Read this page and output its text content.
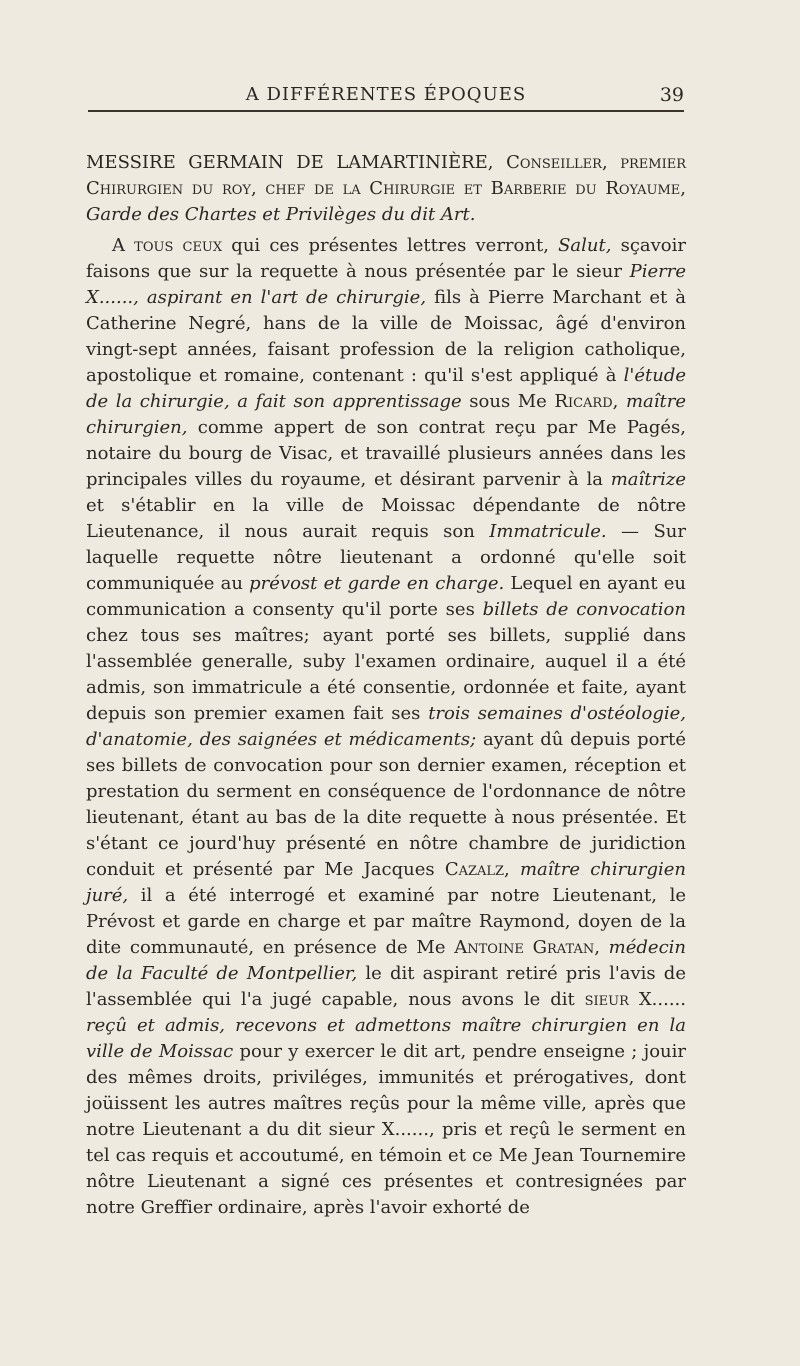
A DIFFÉRENTES ÉPOQUES	39
MESSIRE GERMAIN DE LAMARTINIÈRE, Conseiller, premier Chirurgien du roy, chef de la Chirurgie et Barberie du Royaume, Garde des Chartes et Privilèges du dit Art.

A tous ceux qui ces présentes lettres verront, Salut, sçavoir faisons que sur la requette à nous présentée par le sieur Pierre X......, aspirant en l'art de chirurgie, fils à Pierre Marchant et à Catherine Negré, hans de la ville de Moissac, âgé d'environ vingt-sept années, faisant profession de la religion catholique, apostolique et romaine, contenant : qu'il s'est appliqué à l'étude de la chirurgie, a fait son apprentissage sous Me Ricard, maître chirurgien, comme appert de son contrat reçu par Me Pagés, notaire du bourg de Visac, et travaillé plusieurs années dans les principales villes du royaume, et désirant parvenir à la maîtrize et s'établir en la ville de Moissac dépendante de nôtre Lieutenance, il nous aurait requis son Immatricule. — Sur laquelle requette nôtre lieutenant a ordonné qu'elle soit communiquée au prévost et garde en charge. Lequel en ayant eu communication a consenty qu'il porte ses billets de convocation chez tous ses maîtres; ayant porté ses billets, supplié dans l'assemblée generalle, suby l'examen ordinaire, auquel il a été admis, son immatricule a été consentie, ordonnée et faite, ayant depuis son premier examen fait ses trois semaines d'ostéologie, d'anatomie, des saignées et médicaments; ayant dû depuis porté ses billets de convocation pour son dernier examen, réception et prestation du serment en conséquence de l'ordonnance de nôtre lieutenant, étant au bas de la dite requette à nous présentée. Et s'étant ce jourd'huy présenté en nôtre chambre de juridiction conduit et présenté par Me Jacques Cazalz, maître chirurgien juré, il a été interrogé et examiné par notre Lieutenant, le Prévost et garde en charge et par maître Raymond, doyen de la dite communauté, en présence de Me Antoine Gratan, médecin de la Faculté de Montpellier, le dit aspirant retiré pris l'avis de l'assemblée qui l'a jugé capable, nous avons le dit sieur X...... reçû et admis, recevons et admettons maître chirurgien en la ville de Moissac pour y exercer le dit art, pendre enseigne ; jouir des mêmes droits, priviléges, immunités et prérogatives, dont joüissent les autres maîtres reçûs pour la même ville, après que notre Lieutenant a du dit sieur X......, pris et reçû le serment en tel cas requis et accoutumé, en témoin et ce Me Jean Tournemire nôtre Lieutenant a signé ces présentes et contresignées par notre Greffier ordinaire, après l'avoir exhorté de
